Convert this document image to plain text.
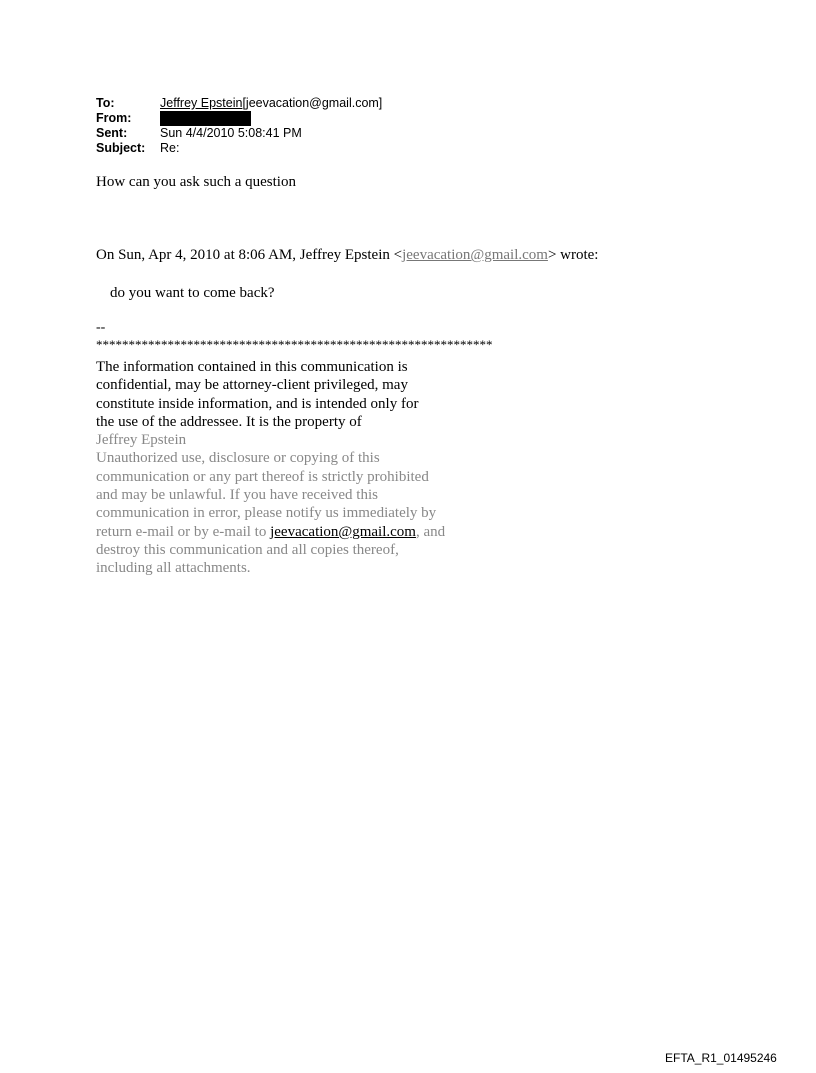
To:	Jeffrey Epstein[jeevacation@gmail.com]
From:
Sent:	Sun 4/4/2010 5:08:41 PM
Subject:	Re:
How can you ask such a question
On Sun, Apr 4, 2010 at 8:06 AM, Jeffrey Epstein <jeevacation@gmail.com> wrote:
do you want to come back?
--
*************************************************************
The information contained in this communication is
confidential, may be attorney-client privileged, may
constitute inside information, and is intended only for
the use of the addressee. It is the property of
Jeffrey Epstein
Unauthorized use, disclosure or copying of this
communication or any part thereof is strictly prohibited
and may be unlawful. If you have received this
communication in error, please notify us immediately by
return e-mail or by e-mail to jeevacation@gmail.com, and
destroy this communication and all copies thereof,
including all attachments.
EFTA_R1_01495246
